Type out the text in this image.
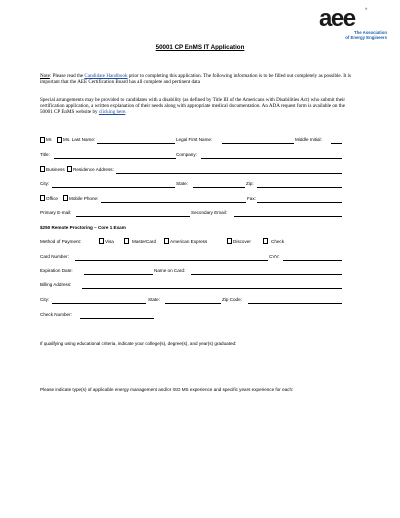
aee	®
The Association
of Energy Engineers
50001 CP EnMS IT Application
Note: Please read the Candidate Handbook prior to completing this application. The following information is to be filled out completely as possible. It is important that the AEE Certification Board has all complete and pertinent data
Special arrangements may be provided to candidates with a disability (as defined by Title III of the Americans with Disabilities Act) who submit their certification application, a written explanation of their needs along with appropriate medical documentation. An ADA request form is available on the 50001 CP EnMS website by clicking here.
Mr. Ms. Last Name:	Legal First Name:	Middle Initial:
Title:	Company:
Business Residence Address:
City:	State:	Zip:
Office Mobile Phone:	Fax:
Primary E-mail:	Secondary Email:
$250 Remote Proctoring – Core 1 Exam
Method of Payment:	Visa	MasterCard	American Express	Discover	Check
Card Number:	CVV:
Expiration Date:	Name on Card:
Billing Address:
City:	State:	Zip Code:
Check Number:
If qualifying using educational criteria, indicate your college(s), degree(s), and year(s) graduated:
Please indicate type(s) of applicable energy management and/or ISO MS experience and specific years experience for each:
